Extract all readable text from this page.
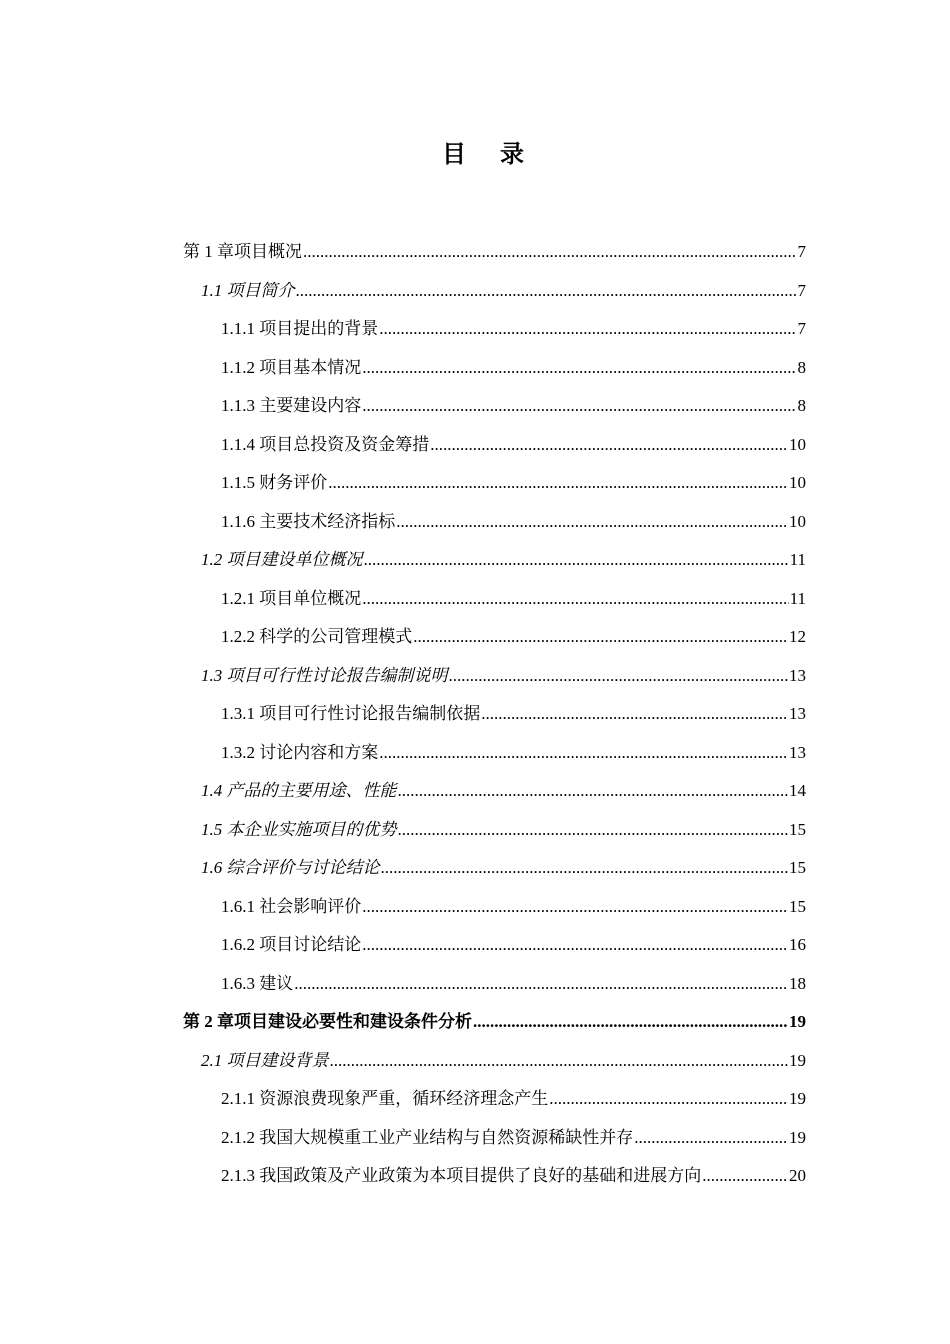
目 录
第 1 章项目概况 .....	7
1.1 项目简介 .....	7
1.1.1 项目提出的背景 .....	7
1.1.2 项目基本情况 .....	8
1.1.3 主要建设内容 .....	8
1.1.4 项目总投资及资金筹措 .....	10
1.1.5 财务评价 .....	10
1.1.6 主要技术经济指标 .....	10
1.2 项目建设单位概况 .....	11
1.2.1 项目单位概况 .....	11
1.2.2 科学的公司管理模式 .....	12
1.3 项目可行性讨论报告编制说明 .....	13
1.3.1 项目可行性讨论报告编制依据 .....	13
1.3.2 讨论内容和方案 .....	13
1.4 产品的主要用途、性能 .....	14
1.5 本企业实施项目的优势 .....	15
1.6 综合评价与讨论结论 .....	15
1.6.1 社会影响评价 .....	15
1.6.2 项目讨论结论 .....	16
1.6.3 建议 .....	18
第 2 章项目建设必要性和建设条件分析 .....	19
2.1 项目建设背景 .....	19
2.1.1 资源浪费现象严重，循环经济理念产生 .....	19
2.1.2 我国大规模重工业产业结构与自然资源稀缺性并存 .....	19
2.1.3 我国政策及产业政策为本项目提供了良好的基础和进展方向 .....	20
